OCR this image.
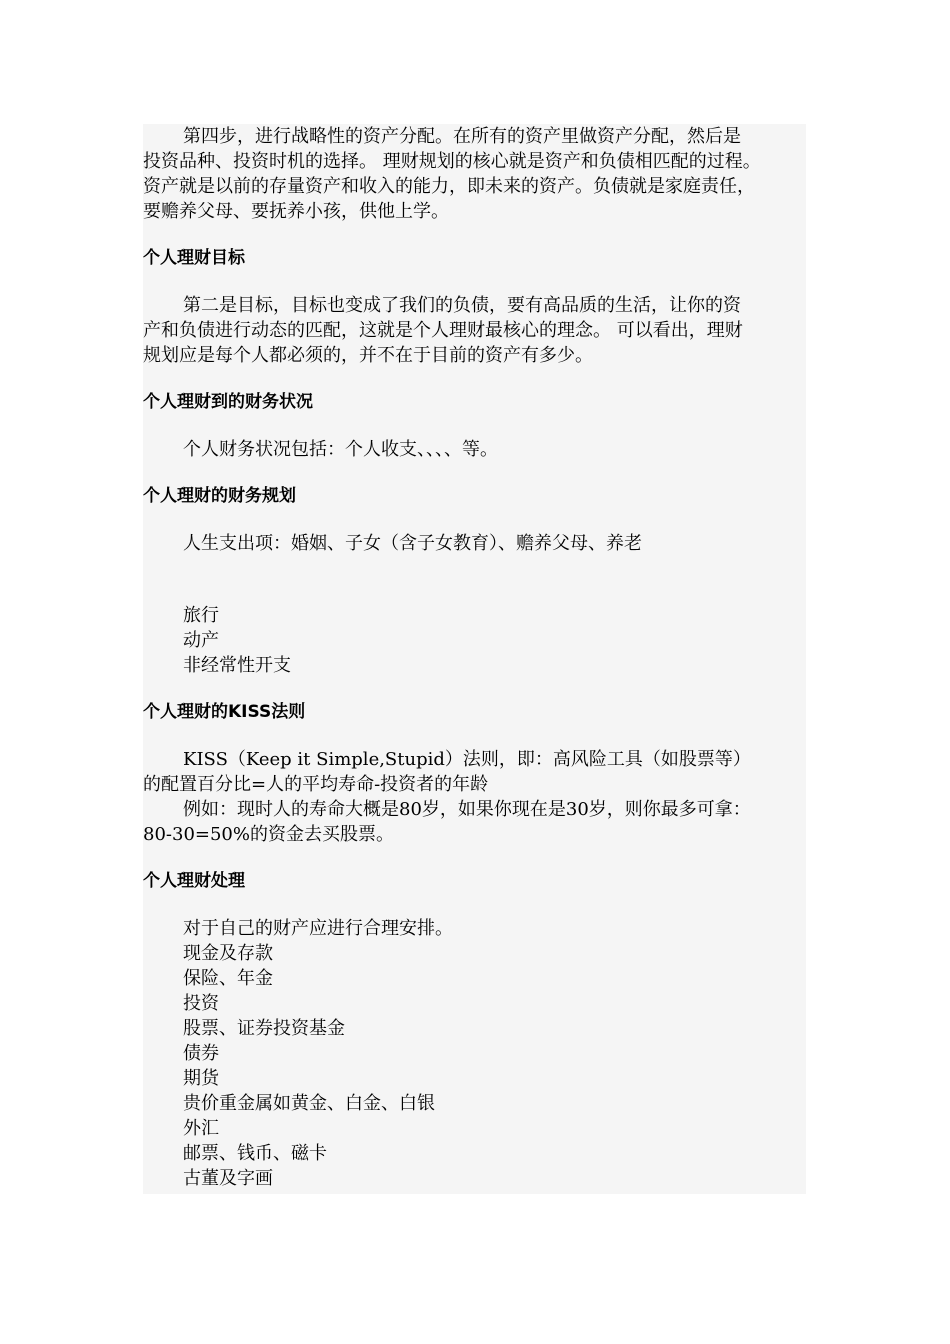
第四步，进行战略性的资产分配。在所有的资产里做资产分配，然后是

投资品种、投资时机的选择。 理财规划的核心就是资产和负债相匹配的过程。

资产就是以前的存量资产和收入的能力，即未来的资产。负债就是家庭责任，

要赡养父母、要抚养小孩，供他上学。

个人理财目标

第二是目标，目标也变成了我们的负债，要有高品质的生活，让你的资

产和负债进行动态的匹配，这就是个人理财最核心的理念。 可以看出，理财

规划应是每个人都必须的，并不在于目前的资产有多少。

个人理财到的财务状况

个人财务状况包括：个人收支、、、、等。

个人理财的财务规划

人生支出项：婚姻、子女（含子女教育）、赡养父母、养老

旅行

动产

非经常性开支

个人理财的KISS法则

KISS（Keep it Simple,Stupid）法则，即：高风险工具（如股票等）

的配置百分比=人的平均寿命-投资者的年龄

例如：现时人的寿命大概是80岁，如果你现在是30岁，则你最多可拿：

80-30=50%的资金去买股票。

个人理财处理

对于自己的财产应进行合理安排。

现金及存款

保险、年金

投资

股票、证券投资基金

债券

期货

贵价重金属如黄金、白金、白银

外汇

邮票、钱币、磁卡

古董及字画
